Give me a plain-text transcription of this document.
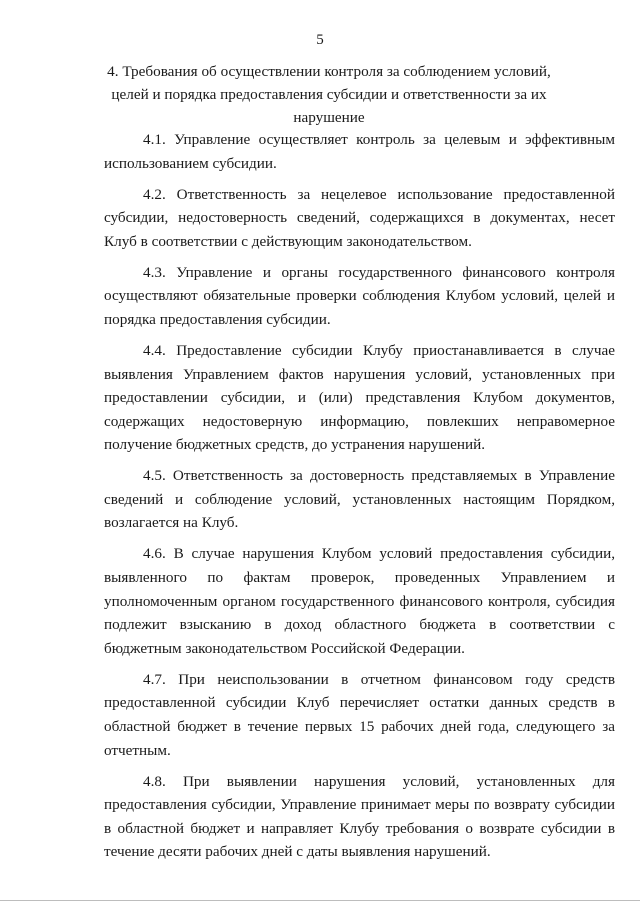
5
4. Требования об осуществлении контроля за соблюдением условий, целей и порядка предоставления субсидии и ответственности за их нарушение

4.1. Управление осуществляет контроль за целевым и эффективным использованием субсидии.

4.2. Ответственность за нецелевое использование предоставленной субсидии, недостоверность сведений, содержащихся в документах, несет Клуб в соответствии с действующим законодательством.

4.3. Управление и органы государственного финансового контроля осуществляют обязательные проверки соблюдения Клубом условий, целей и порядка предоставления субсидии.

4.4. Предоставление субсидии Клубу приостанавливается в случае выявления Управлением фактов нарушения условий, установленных при предоставлении субсидии, и (или) представления Клубом документов, содержащих недостоверную информацию, повлекших неправомерное получение бюджетных средств, до устранения нарушений.

4.5. Ответственность за достоверность представляемых в Управление сведений и соблюдение условий, установленных настоящим Порядком, возлагается на Клуб.

4.6. В случае нарушения Клубом условий предоставления субсидии, выявленного по фактам проверок, проведенных Управлением и уполномоченным органом государственного финансового контроля, субсидия подлежит взысканию в доход областного бюджета в соответствии с бюджетным законодательством Российской Федерации.

4.7. При неиспользовании в отчетном финансовом году средств предоставленной субсидии Клуб перечисляет остатки данных средств в областной бюджет в течение первых 15 рабочих дней года, следующего за отчетным.

4.8. При выявлении нарушения условий, установленных для предоставления субсидии, Управление принимает меры по возврату субсидии в областной бюджет и направляет Клубу требования о возврате субсидии в течение десяти рабочих дней с даты выявления нарушений.
